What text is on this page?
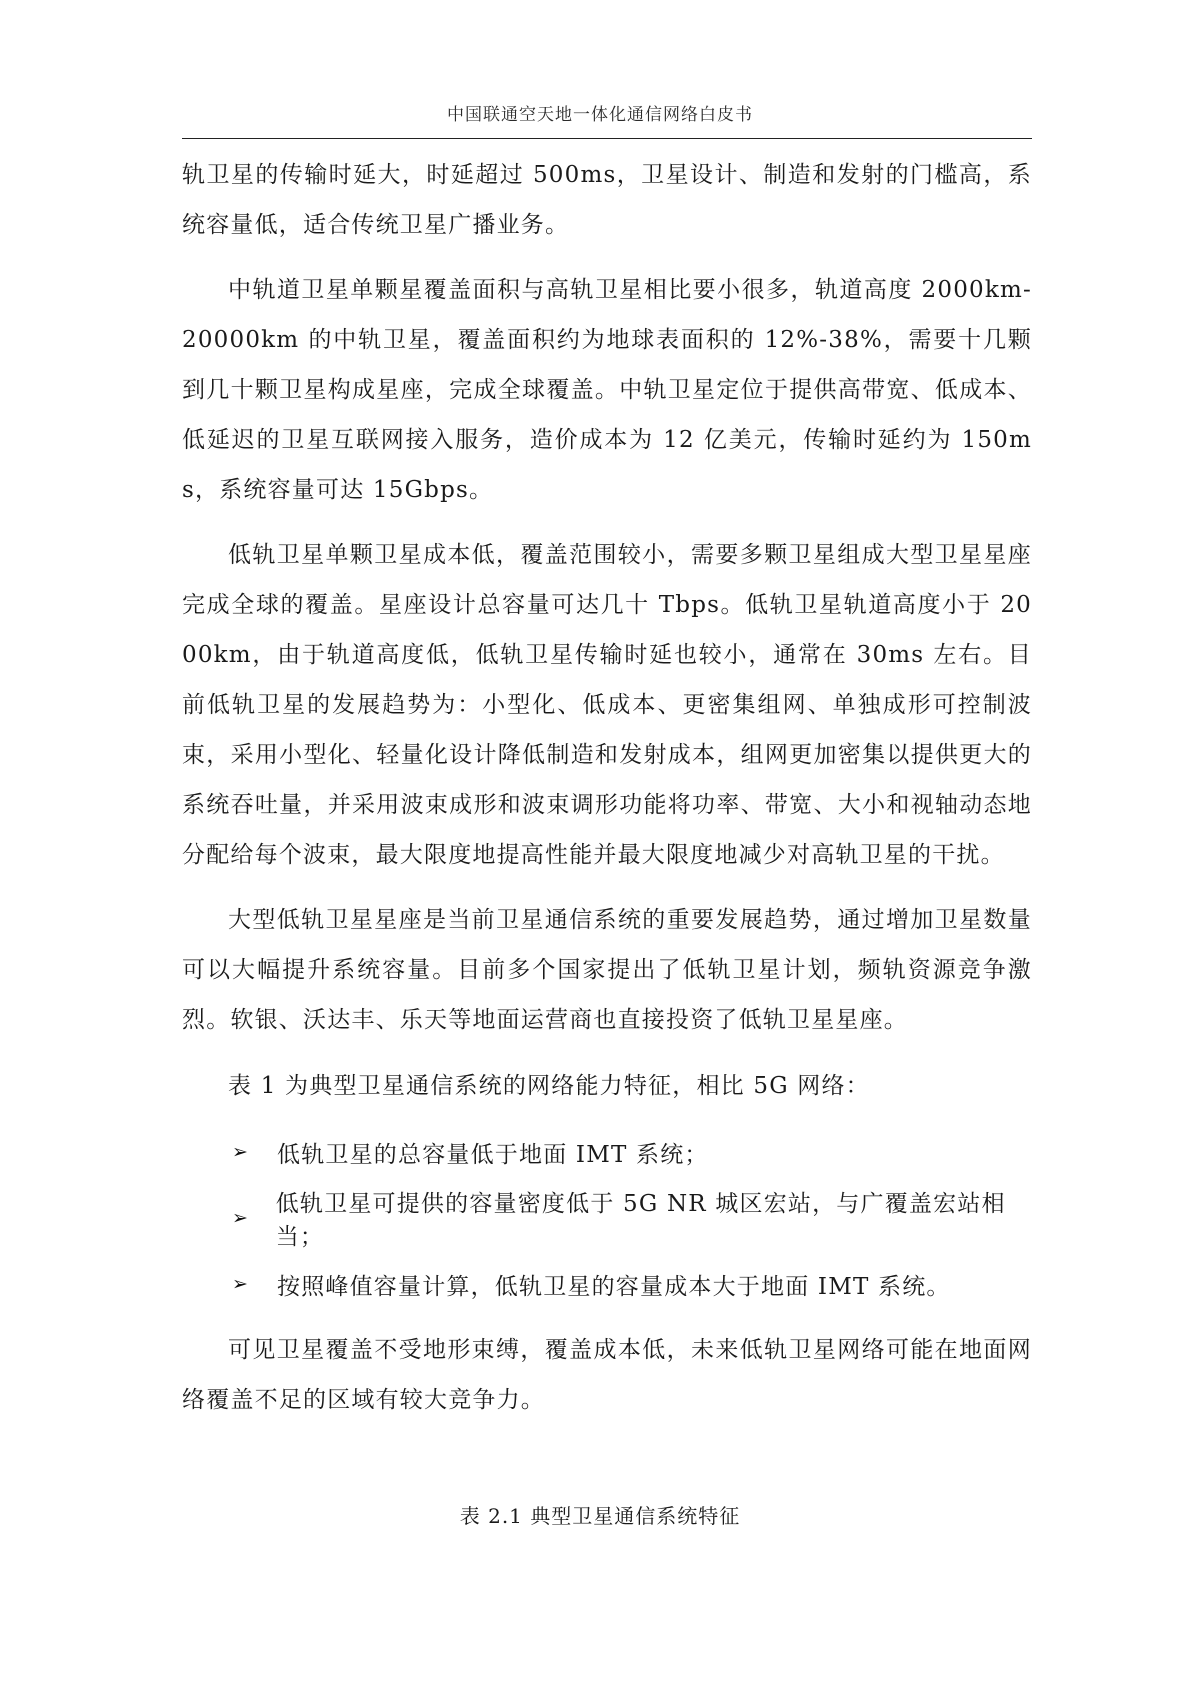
中国联通空天地一体化通信网络白皮书

轨卫星的传输时延大，时延超过 500ms，卫星设计、制造和发射的门槛高，系统容量低，适合传统卫星广播业务。

中轨道卫星单颗星覆盖面积与高轨卫星相比要小很多，轨道高度 2000km-20000km 的中轨卫星，覆盖面积约为地球表面积的 12%-38%，需要十几颗到几十颗卫星构成星座，完成全球覆盖。中轨卫星定位于提供高带宽、低成本、低延迟的卫星互联网接入服务，造价成本为 12 亿美元，传输时延约为 150ms，系统容量可达 15Gbps。

低轨卫星单颗卫星成本低，覆盖范围较小，需要多颗卫星组成大型卫星星座完成全球的覆盖。星座设计总容量可达几十 Tbps。低轨卫星轨道高度小于 2000km，由于轨道高度低，低轨卫星传输时延也较小，通常在 30ms 左右。目前低轨卫星的发展趋势为：小型化、低成本、更密集组网、单独成形可控制波束，采用小型化、轻量化设计降低制造和发射成本，组网更加密集以提供更大的系统吞吐量，并采用波束成形和波束调形功能将功率、带宽、大小和视轴动态地分配给每个波束，最大限度地提高性能并最大限度地减少对高轨卫星的干扰。

大型低轨卫星星座是当前卫星通信系统的重要发展趋势，通过增加卫星数量可以大幅提升系统容量。目前多个国家提出了低轨卫星计划，频轨资源竞争激烈。软银、沃达丰、乐天等地面运营商也直接投资了低轨卫星星座。

表 1 为典型卫星通信系统的网络能力特征，相比 5G 网络：

➢	低轨卫星的总容量低于地面 IMT 系统；
➢
低轨卫星可提供的容量密度低于 5G NR 城区宏站，与广覆盖宏站相当；
➢	按照峰值容量计算，低轨卫星的容量成本大于地面 IMT 系统。

可见卫星覆盖不受地形束缚，覆盖成本低，未来低轨卫星网络可能在地面网络覆盖不足的区域有较大竞争力。

表 2.1 典型卫星通信系统特征
